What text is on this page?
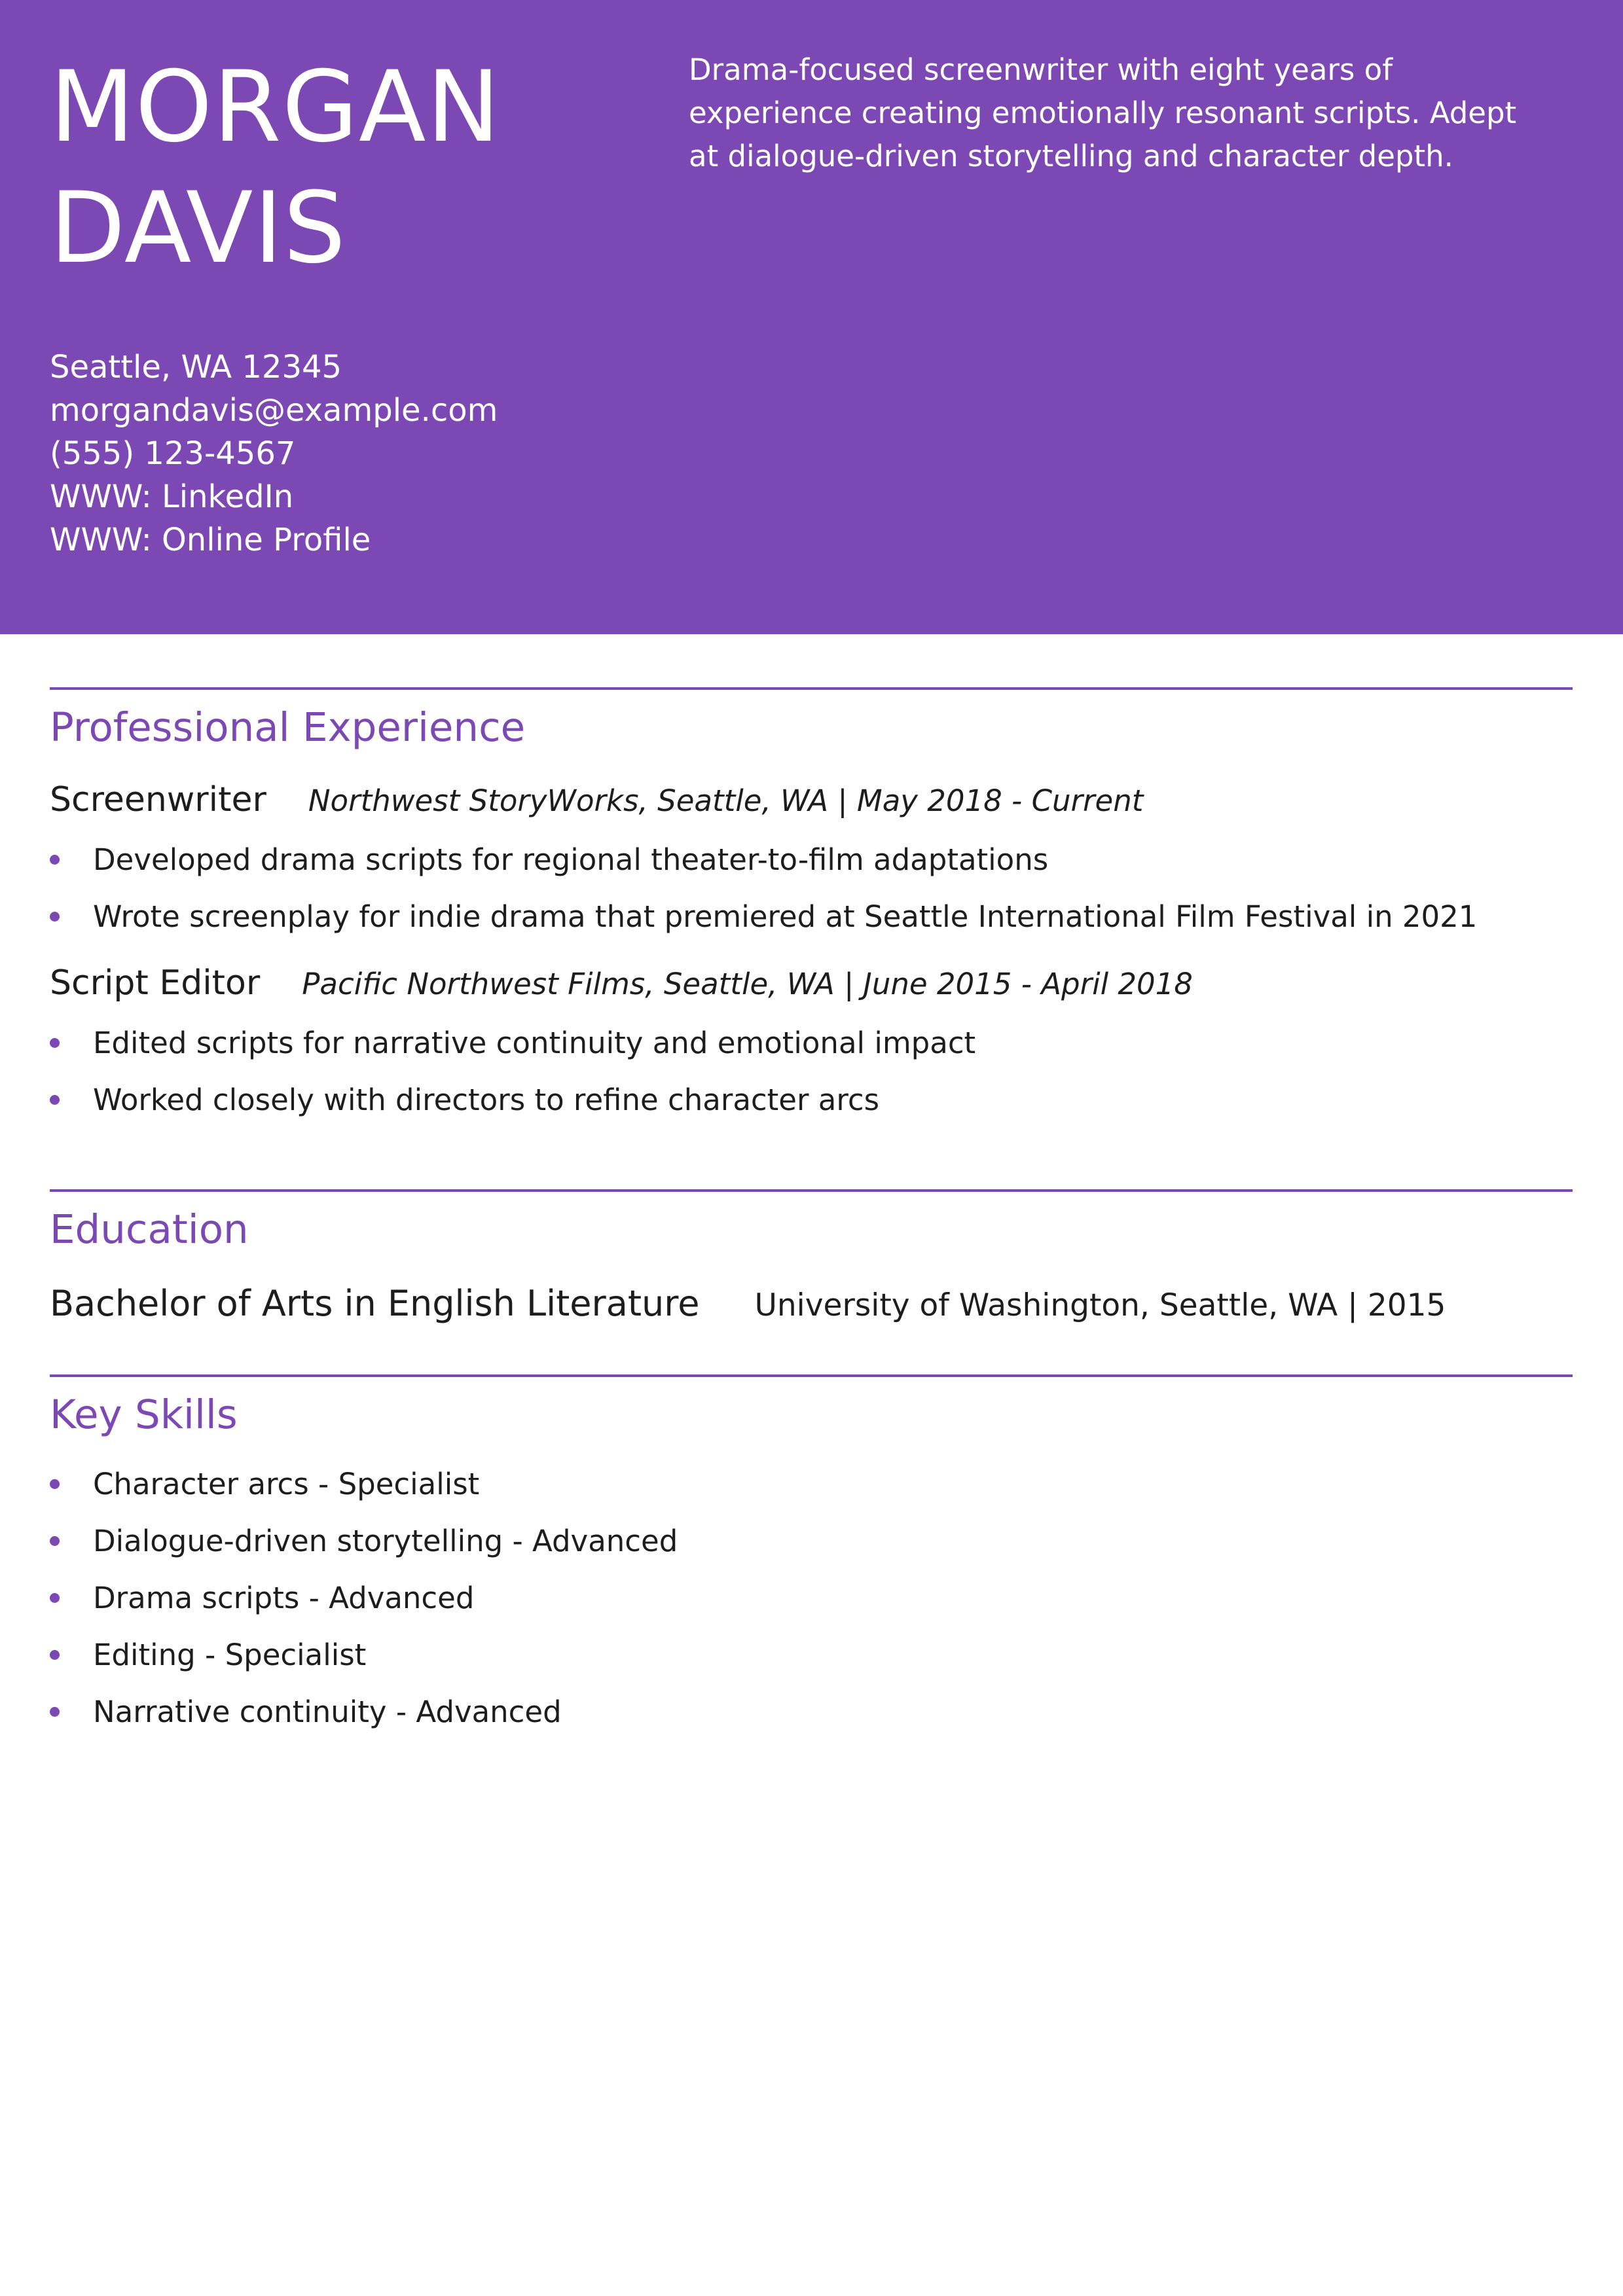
MORGAN
DAVIS
Seattle, WA 12345
morgandavis@example.com (555) 123-4567
WWW: LinkedIn
WWW: Online Profile
Drama-focused screenwriter with eight years of experience creating emotionally resonant scripts. Adept at dialogue-driven storytelling and character depth.
Professional Experience
Screenwriter Northwest StoryWorks, Seattle, WA | May 2018 - Current
Developed drama scripts for regional theater-to-film adaptations
Wrote screenplay for indie drama that premiered at Seattle International Film Festival in 2021
Script Editor Pacific Northwest Films, Seattle, WA | June 2015 - April 2018
Edited scripts for narrative continuity and emotional impact
Worked closely with directors to refine character arcs
Education
Bachelor of Arts in English Literature University of Washington, Seattle, WA | 2015
Key Skills
Character arcs - Specialist
Dialogue-driven storytelling - Advanced
Drama scripts - Advanced
Editing - Specialist
Narrative continuity - Advanced
